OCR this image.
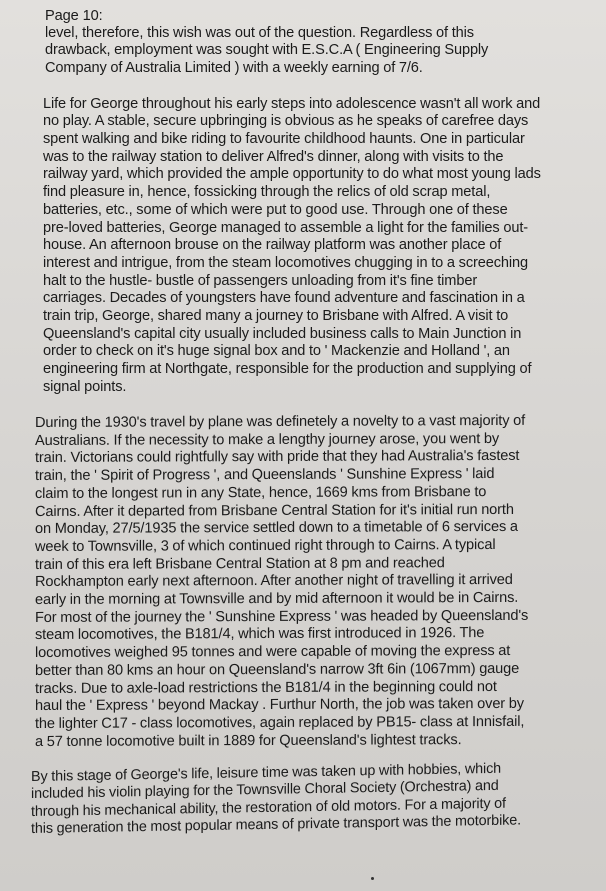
Page 10:
level, therefore, this wish was out of the question. Regardless of this
drawback, employment was sought with E.S.C.A ( Engineering Supply
Company of Australia Limited ) with a weekly earning of 7/6.
Life for George throughout his early steps into adolescence wasn't all work and
no play. A stable, secure upbringing is obvious as he speaks of carefree days
spent walking and bike riding to favourite childhood haunts. One in particular
was to the railway station to deliver Alfred's dinner, along with visits to the
railway yard, which provided the ample opportunity to do what most young lads
find pleasure in, hence, fossicking through the relics of old scrap metal,
batteries, etc., some of which were put to good use. Through one of these
pre-loved batteries, George managed to assemble a light for the families out-
house. An afternoon brouse on the railway platform was another place of
interest and intrigue, from the steam locomotives chugging in to a screeching
halt to the hustle- bustle of passengers unloading from it's fine timber
carriages. Decades of youngsters have found adventure and fascination in a
train trip, George, shared many a journey to Brisbane with Alfred. A visit to
Queensland's capital city usually included business calls to Main Junction in
order to check on it's huge signal box and to ' Mackenzie and Holland ', an
engineering firm at Northgate, responsible for the production and supplying of
signal points.
During the 1930's travel by plane was definetely a novelty to a vast majority of
Australians. If the necessity to make a lengthy journey arose, you went by
train. Victorians could rightfully say with pride that they had Australia's fastest
train, the ' Spirit of Progress ', and Queenslands ' Sunshine Express ' laid
claim to the longest run in any State, hence, 1669 kms from Brisbane to
Cairns. After it departed from Brisbane Central Station for it's initial run north
on Monday, 27/5/1935 the service settled down to a timetable of 6 services a
week to Townsville, 3 of which continued right through to Cairns. A typical
train of this era left Brisbane Central Station at 8 pm and reached
Rockhampton early next afternoon. After another night of travelling it arrived
early in the morning at Townsville and by mid afternoon it would be in Cairns.
For most of the journey the ' Sunshine Express ' was headed by Queensland's
steam locomotives, the B181/4, which was first introduced in 1926. The
locomotives weighed 95 tonnes and were capable of moving the express at
better than 80 kms an hour on Queensland's narrow 3ft 6in (1067mm) gauge
tracks. Due to axle-load restrictions the B181/4 in the beginning could not
haul the ' Express ' beyond Mackay . Furthur North, the job was taken over by
the lighter C17 - class locomotives, again replaced by PB15- class at Innisfail,
a 57 tonne locomotive built in 1889 for Queensland's lightest tracks.
By this stage of George's life, leisure time was taken up with hobbies, which
included his violin playing for the Townsville Choral Society (Orchestra) and
through his mechanical ability, the restoration of old motors. For a majority of
this generation the most popular means of private transport was the motorbike.
